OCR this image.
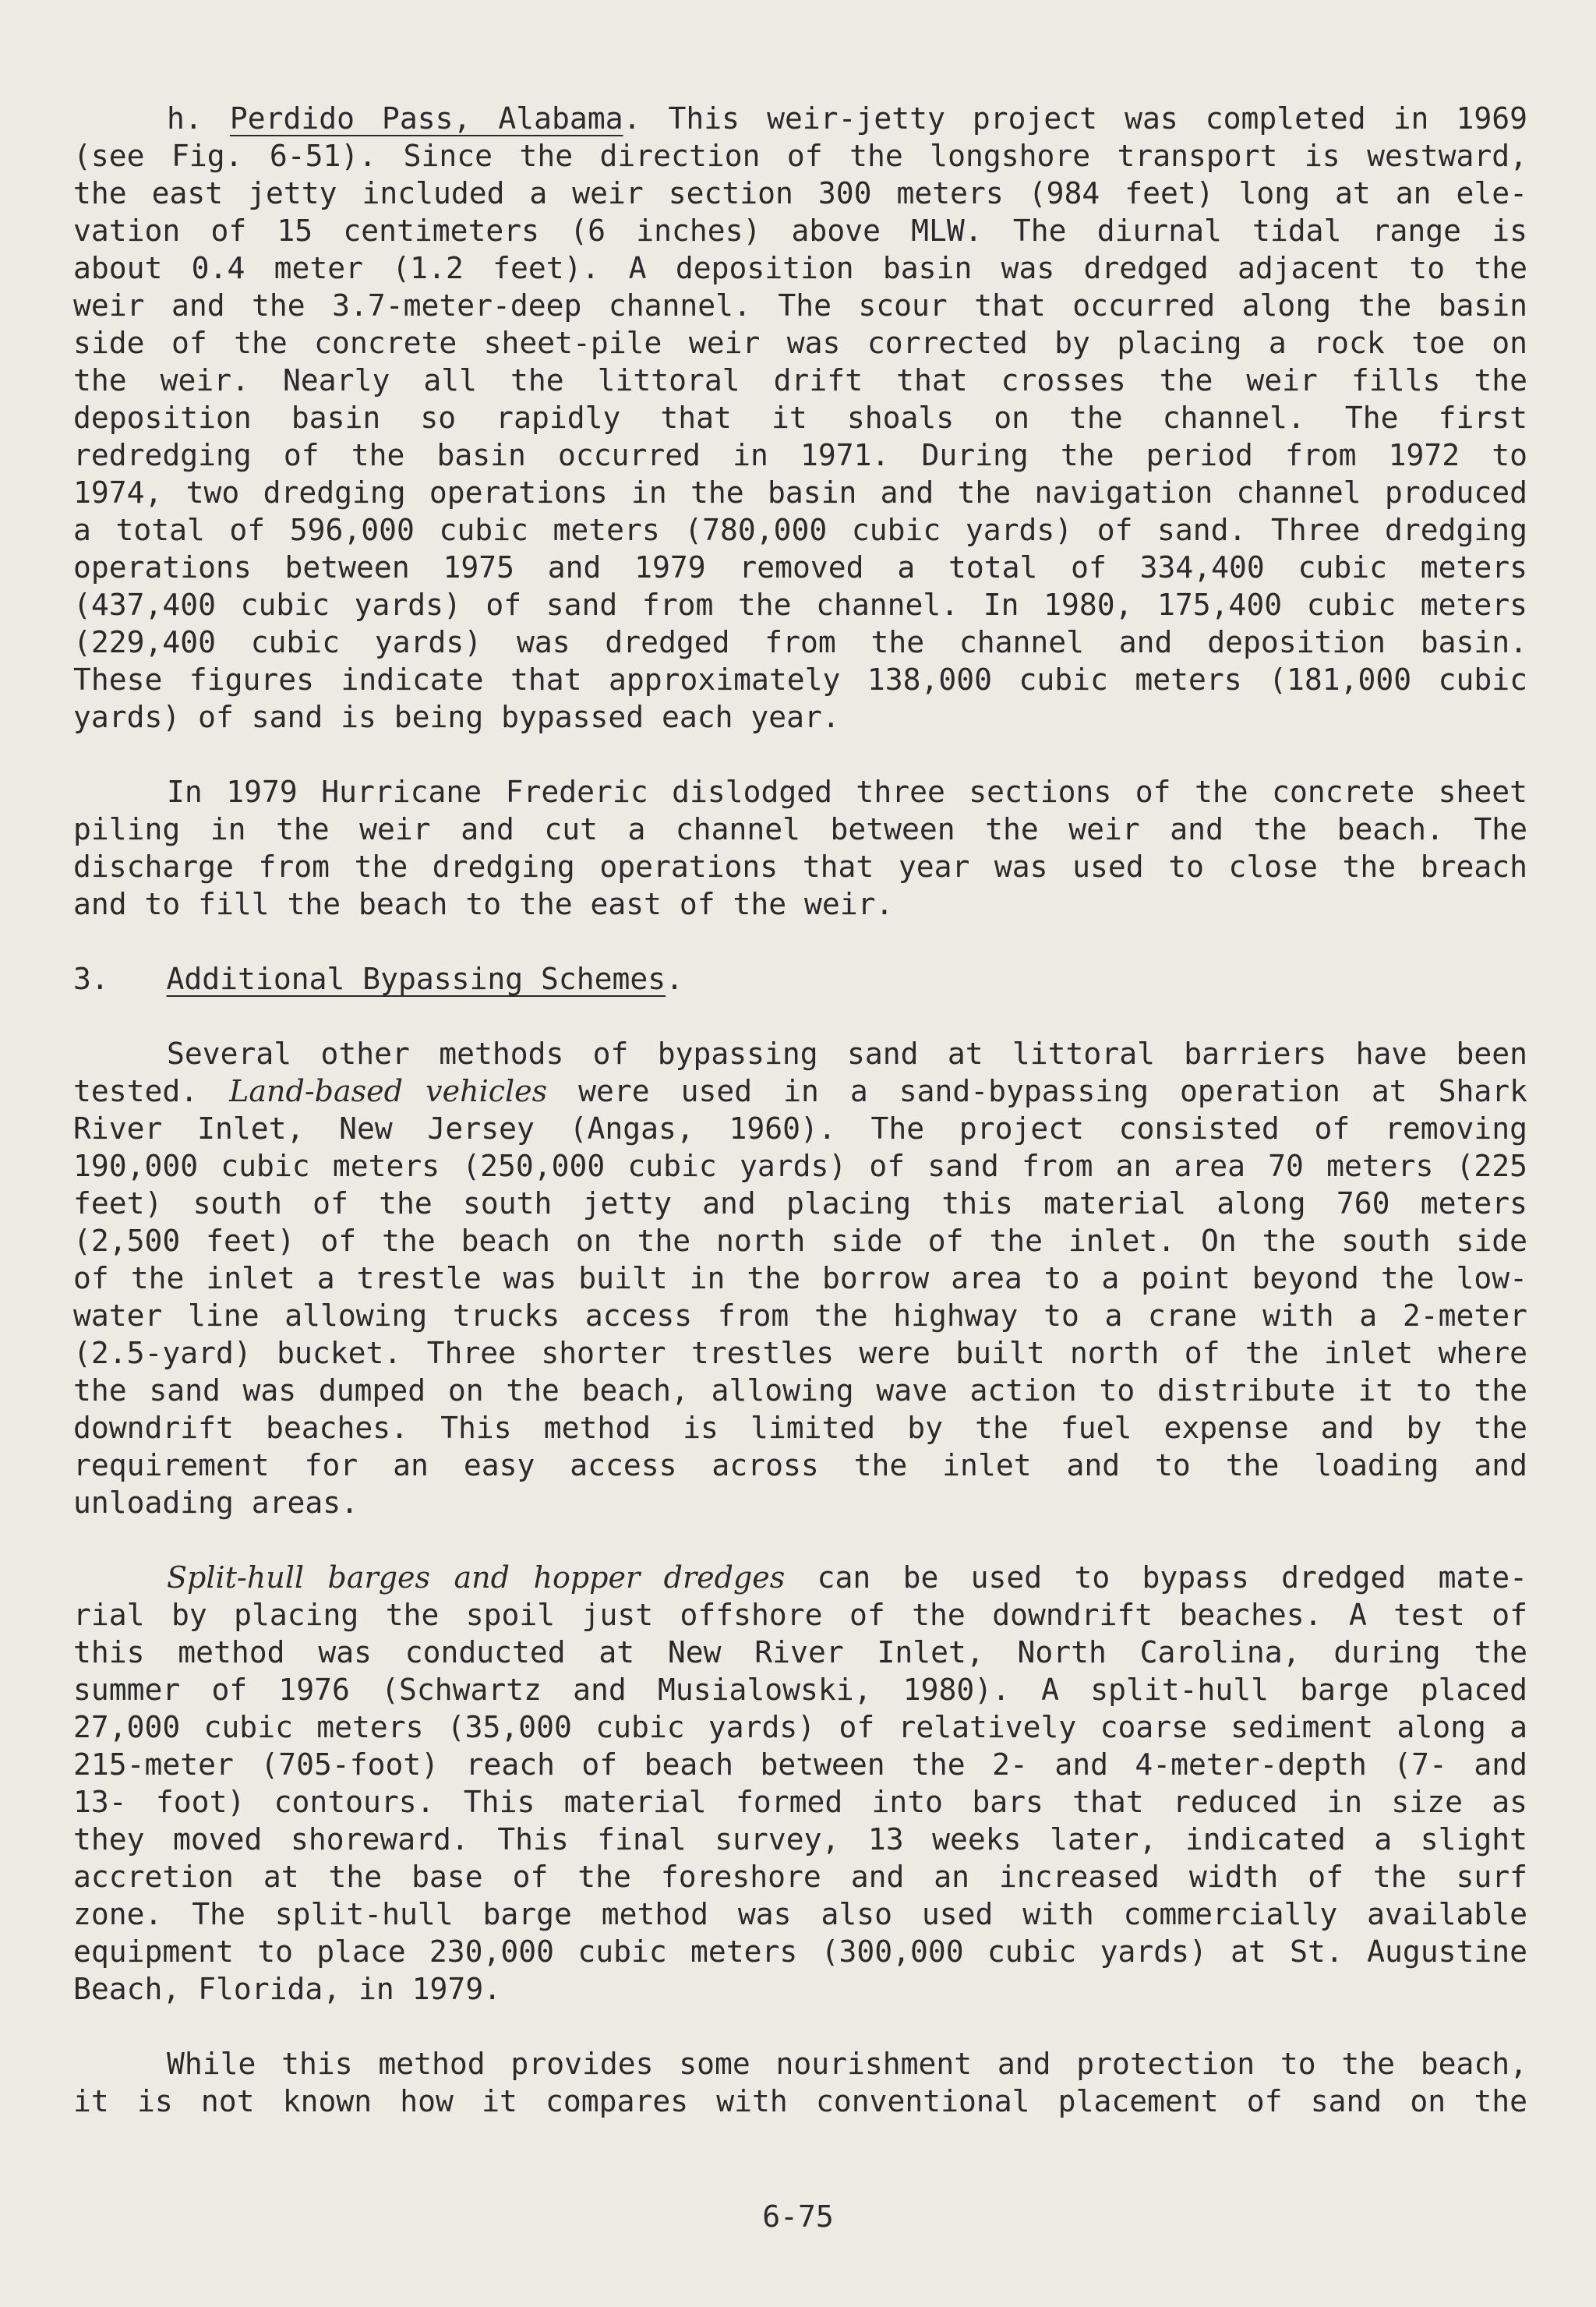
h. Perdido Pass, Alabama. This weir-jetty project was completed in 1969
(see Fig. 6-51). Since the direction of the longshore transport is westward,
the east jetty included a weir section 300 meters (984 feet) long at an ele-
vation of 15 centimeters (6 inches) above MLW. The diurnal tidal range is
about 0.4 meter (1.2 feet). A deposition basin was dredged adjacent to the
weir and the 3.7-meter-deep channel. The scour that occurred along the basin
side of the concrete sheet-pile weir was corrected by placing a rock toe on
the weir. Nearly all the littoral drift that crosses the weir fills the
deposition basin so rapidly that it shoals on the channel. The first
redredging of the basin occurred in 1971. During the period from 1972 to
1974, two dredging operations in the basin and the navigation channel produced
a total of 596,000 cubic meters (780,000 cubic yards) of sand. Three dredging
operations between 1975 and 1979 removed a total of 334,400 cubic meters
(437,400 cubic yards) of sand from the channel. In 1980, 175,400 cubic meters
(229,400 cubic yards) was dredged from the channel and deposition basin.
These figures indicate that approximately 138,000 cubic meters (181,000 cubic
yards) of sand is being bypassed each year.
In 1979 Hurricane Frederic dislodged three sections of the concrete sheet
piling in the weir and cut a channel between the weir and the beach. The
discharge from the dredging operations that year was used to close the breach
and to fill the beach to the east of the weir.
3. Additional Bypassing Schemes.
Several other methods of bypassing sand at littoral barriers have been
tested. Land-based vehicles were used in a sand-bypassing operation at Shark
River Inlet, New Jersey (Angas, 1960). The project consisted of removing
190,000 cubic meters (250,000 cubic yards) of sand from an area 70 meters (225
feet) south of the south jetty and placing this material along 760 meters
(2,500 feet) of the beach on the north side of the inlet. On the south side
of the inlet a trestle was built in the borrow area to a point beyond the low-
water line allowing trucks access from the highway to a crane with a 2-meter
(2.5-yard) bucket. Three shorter trestles were built north of the inlet where
the sand was dumped on the beach, allowing wave action to distribute it to the
downdrift beaches. This method is limited by the fuel expense and by the
requirement for an easy access across the inlet and to the loading and
unloading areas.
Split-hull barges and hopper dredges can be used to bypass dredged mate-
rial by placing the spoil just offshore of the downdrift beaches. A test of
this method was conducted at New River Inlet, North Carolina, during the
summer of 1976 (Schwartz and Musialowski, 1980). A split-hull barge placed
27,000 cubic meters (35,000 cubic yards) of relatively coarse sediment along a
215-meter (705-foot) reach of beach between the 2- and 4-meter-depth (7- and
13- foot) contours. This material formed into bars that reduced in size as
they moved shoreward. This final survey, 13 weeks later, indicated a slight
accretion at the base of the foreshore and an increased width of the surf
zone. The split-hull barge method was also used with commercially available
equipment to place 230,000 cubic meters (300,000 cubic yards) at St. Augustine
Beach, Florida, in 1979.
While this method provides some nourishment and protection to the beach,
it is not known how it compares with conventional placement of sand on the
6-75
